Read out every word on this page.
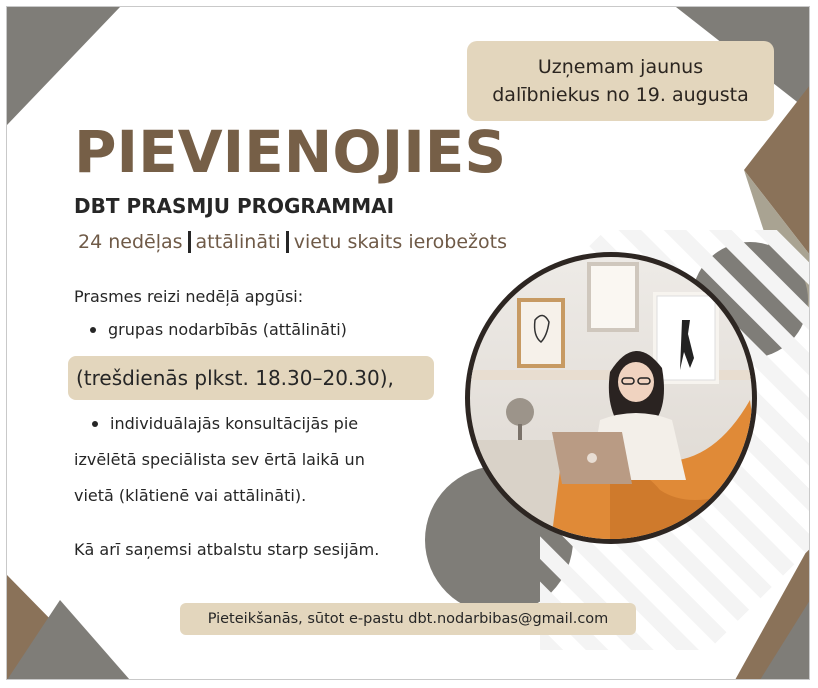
Uzņemam jaunus
dalībniekus no 19. augusta
PIEVIENOJIES
DBT PRASMJU PROGRAMMAI
24 nedēļas attālināti vietu skaits ierobežots

Prasmes reizi nedēļā apgūsi:

grupas nodarbībās (attālināti)
(trešdienās plkst. 18.30–20.30),
individuālajās konsultācijās pie

izvēlētā speciālista sev ērtā laikā un

vietā (klātienē vai attālināti).

Kā arī saņemsi atbalstu starp sesijām.

Pieteikšanās, sūtot e-pastu dbt.nodarbibas@gmail.com
